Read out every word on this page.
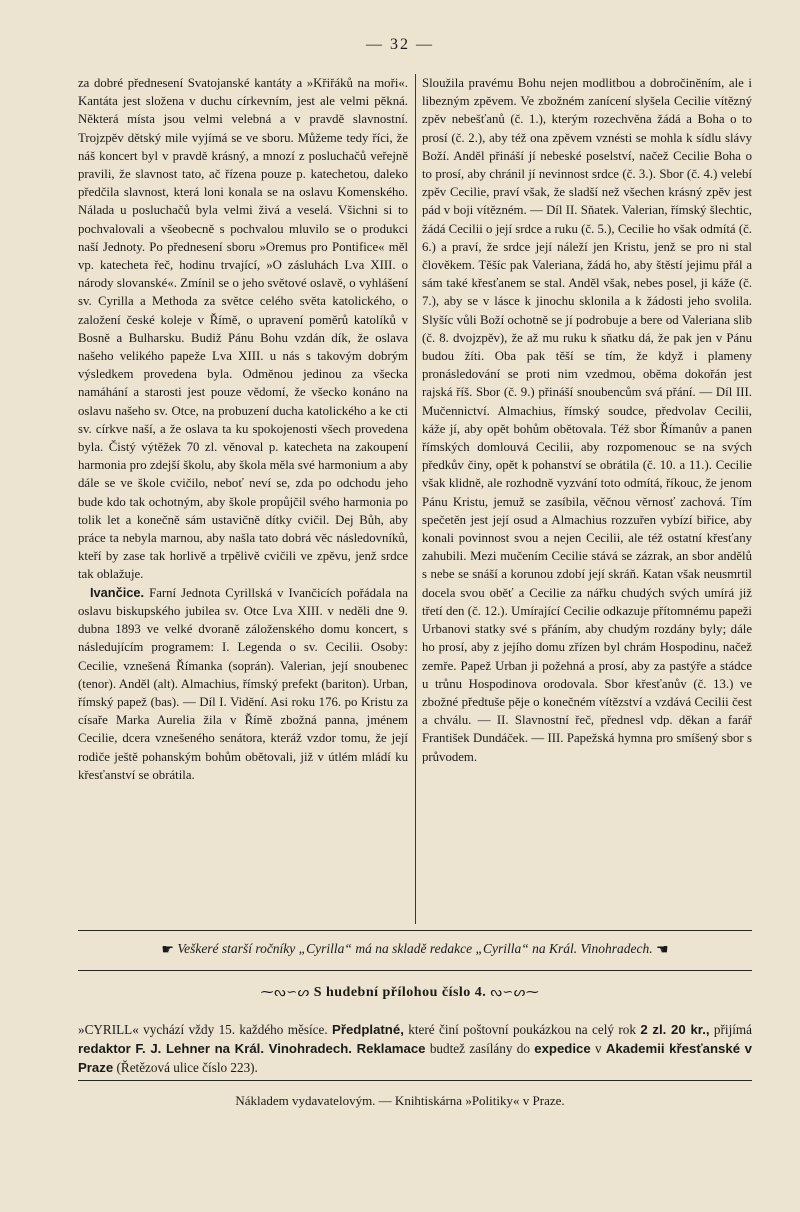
— 32 —

za dobré přednesení Svatojanské kantáty a »Křiřáků na moři«. Kantáta jest složena v duchu církevním, jest ale velmi pěkná. Některá místa jsou velmi velebná a v pravdě slavnostní. Trojzpěv dětský mile vyjímá se ve sboru. Můžeme tedy říci, že náš koncert byl v pravdě krásný, a mnozí z posluchačů veřejně pravili, že slavnost tato, ač řízena pouze p. katechetou, daleko předčila slavnost, která loni konala se na oslavu Komenského. Nálada u posluchačů byla velmi živá a veselá. Všichni si to pochvalovali a všeobecně s pochvalou mluvilo se o produkci naší Jednoty. Po přednesení sboru »Oremus pro Pontifice« měl vp. katecheta řeč, hodinu trvající, »O zásluhách Lva XIII. o národy slovanské«. Zmínil se o jeho světové oslavě, o vyhlášení sv. Cyrilla a Methoda za světce celého světa katolického, o založení české koleje v Římě, o upravení poměrů katolíků v Bosně a Bulharsku. Budiž Pánu Bohu vzdán dík, že oslava našeho velikého papeže Lva XIII. u nás s takovým dobrým výsledkem provedena byla. Odměnou jedinou za všecka namáhání a starosti jest pouze vědomí, že všecko konáno na oslavu našeho sv. Otce, na probuzení ducha katolického a ke cti sv. církve naší, a že oslava ta ku spokojenosti všech provedena byla. Čistý výtěžek 70 zl. věnoval p. katecheta na zakoupení harmonia pro zdejší školu, aby škola měla své harmonium a aby dále se ve škole cvičilo, neboť neví se, zda po odchodu jeho bude kdo tak ochotným, aby škole propůjčil svého harmonia po tolik let a konečně sám ustavičně dítky cvičil. Dej Bůh, aby práce ta nebyla marnou, aby našla tato dobrá věc následovníků, kteří by zase tak horlivě a trpělivě cvičili ve zpěvu, jenž srdce tak oblažuje.

Ivančice. Farní Jednota Cyrillská v Ivančicích pořádala na oslavu biskupského jubilea sv. Otce Lva XIII. v neděli dne 9. dubna 1893 ve velké dvoraně záloženského domu koncert, s následujícím programem: I. Legenda o sv. Cecilii. Osoby: Cecilie, vznešená Římanka (soprán). Valerian, její snoubenec (tenor). Anděl (alt). Almachius, římský prefekt (bariton). Urban, římský papež (bas). — Díl I. Vidění. Asi roku 176. po Kristu za císaře Marka Aurelia žila v Římě zbožná panna, jménem Cecilie, dcera vznešeného senátora, kteráž vzdor tomu, že její rodiče ještě pohanským bohům obětovali, již v útlém mládí ku křesťanství se obrátila.

Sloužila pravému Bohu nejen modlitbou a dobročiněním, ale i libezným zpěvem. Ve zbožném zanícení slyšela Cecilie vítězný zpěv nebešťanů (č. 1.), kterým rozechvěna žádá a Boha o to prosí (č. 2.), aby též ona zpěvem vznésti se mohla k sídlu slávy Boží. Anděl přináší jí nebeské poselství, načež Cecilie Boha o to prosí, aby chránil jí nevinnost srdce (č. 3.). Sbor (č. 4.) velebí zpěv Cecilie, praví však, že sladší než všechen krásný zpěv jest pád v boji vítězném. — Díl II. Sňatek. Valerian, římský šlechtic, žádá Cecilii o její srdce a ruku (č. 5.), Cecilie ho však odmítá (č. 6.) a praví, že srdce její náleží jen Kristu, jenž se pro ni stal člověkem. Těšíc pak Valeriana, žádá ho, aby štěstí jejimu přál a sám také křesťanem se stal. Anděl však, nebes posel, ji káže (č. 7.), aby se v lásce k jinochu sklonila a k žádosti jeho svolila. Slyšíc vůli Boží ochotně se jí podrobuje a bere od Valeriana slib (č. 8. dvojzpěv), že až mu ruku k sňatku dá, že pak jen v Pánu budou žíti. Oba pak těší se tím, že když i plameny pronásledování se proti nim vzedmou, oběma dokořán jest rajská říš. Sbor (č. 9.) přináší snoubencům svá přání. — Díl III. Mučennictví. Almachius, římský soudce, předvolav Cecilii, káže jí, aby opět bohům obětovala. Též sbor Římanův a panen římských domlouvá Cecilii, aby rozpomenouc se na svých předkův činy, opět k pohanství se obrátila (č. 10. a 11.). Cecilie však klidně, ale rozhodně vyzvání toto odmítá, říkouc, že jenom Pánu Kristu, jemuž se zasíbila, věčnou věrnosť zachová. Tím spečetěn jest její osud a Almachius rozzuřen vybízí biřice, aby konali povinnost svou a nejen Cecilii, ale též ostatní křesťany zahubili. Mezi mučením Cecilie stává se zázrak, an sbor andělů s nebe se snáší a korunou zdobí její skráň. Katan však neusmrtil docela svou oběť a Cecilie za nářku chudých svých umírá již třetí den (č. 12.). Umírající Cecilie odkazuje přítomnému papeži Urbanovi statky své s přáním, aby chudým rozdány byly; dále ho prosí, aby z jejího domu zřízen byl chrám Hospodinu, načež zemře. Papež Urban ji požehná a prosí, aby za pastýře a stádce u trůnu Hospodinova orodovala. Sbor křesťanův (č. 13.) ve zbožné předtuše pěje o konečném vítězství a vzdává Cecilii čest a chválu. — II. Slavnostní řeč, přednesl vdp. děkan a farář František Dundáček. — III. Papežská hymna pro smíšený sbor s průvodem.

☛ Veškeré starší ročníky „Cyrilla“ má na skladě redakce „Cyrilla“ na Král. Vinohradech. ☚
⁓ᔓ∽ᔕ S hudební přílohou číslo 4. ᔓ∽ᔕ⁓

»CYRILL« vychází vždy 15. každého měsíce. Předplatné, které činí poštovní poukázkou na celý rok 2 zl. 20 kr., přijímá redaktor F. J. Lehner na Král. Vinohradech. Reklamace budtež zasílány do expedice v Akademii křesťanské v Praze (Řetězová ulice číslo 223).

Nákladem vydavatelovým. — Knihtiskárna »Politiky« v Praze.
